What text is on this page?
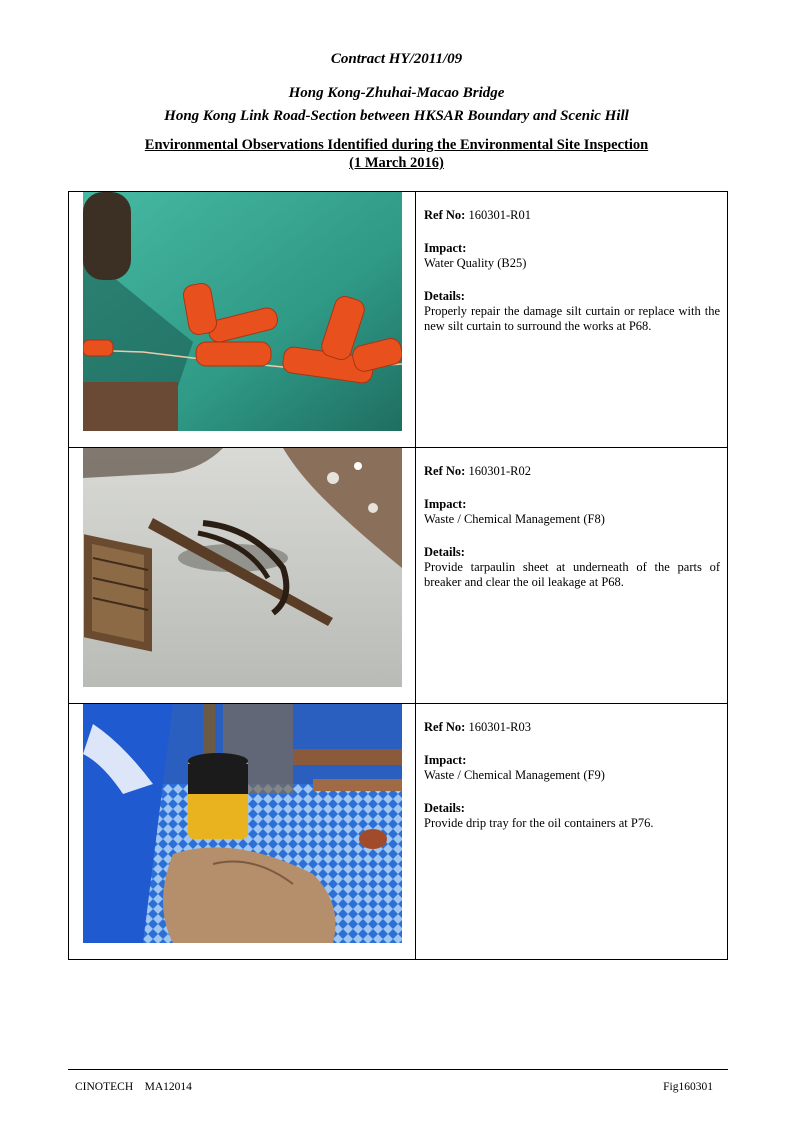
Contract HY/2011/09
Hong Kong-Zhuhai-Macao Bridge
Hong Kong Link Road-Section between HKSAR Boundary and Scenic Hill
Environmental Observations Identified during the Environmental Site Inspection
(1 March 2016)

Ref No: 160301-R01
Impact:
Water Quality (B25)
Details:
Properly repair the damage silt curtain or replace with the new silt curtain to surround the works at P68.

Ref No: 160301-R02
Impact:
Waste / Chemical Management (F8)
Details:
Provide tarpaulin sheet at underneath of the parts of breaker and clear the oil leakage at P68.

Ref No: 160301-R03
Impact:
Waste / Chemical Management (F9)
Details:
Provide drip tray for the oil containers at P76.
CINOTECH    MA12014	Fig160301
